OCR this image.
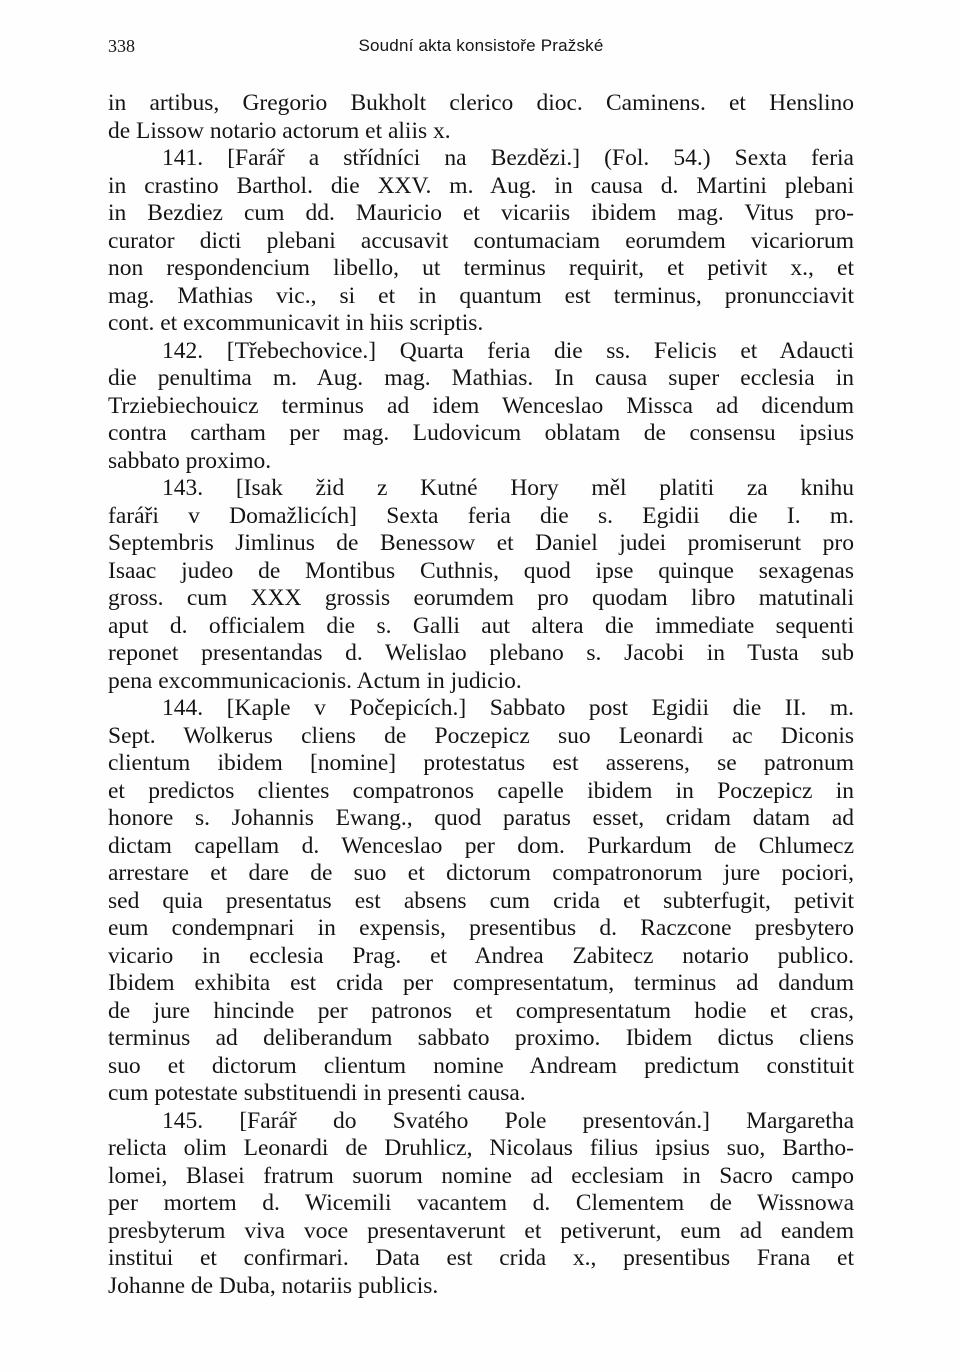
338	Soudní akta konsistoře Pražské
in artibus, Gregorio Bukholt clerico dioc. Caminens. et Henslino
de Lissow notario actorum et aliis x.
141. [Farář a střídníci na Bezdězi.] (Fol. 54.) Sexta feria
in crastino Barthol. die XXV. m. Aug. in causa d. Martini plebani
in Bezdiez cum dd. Mauricio et vicariis ibidem mag. Vitus pro-
curator dicti plebani accusavit contumaciam eorumdem vicariorum
non respondencium libello, ut terminus requirit, et petivit x., et
mag. Mathias vic., si et in quantum est terminus, pronuncciavit
cont. et excommunicavit in hiis scriptis.
142. [Třebechovice.] Quarta feria die ss. Felicis et Adaucti
die penultima m. Aug. mag. Mathias. In causa super ecclesia in
Trziebiechouicz terminus ad idem Wenceslao Missca ad dicendum
contra cartham per mag. Ludovicum oblatam de consensu ipsius
sabbato proximo.
143. [Isak žid z Kutné Hory měl platiti za knihu
faráři v Domažlicích] Sexta feria die s. Egidii die I. m.
Septembris Jimlinus de Benessow et Daniel judei promiserunt pro
Isaac judeo de Montibus Cuthnis, quod ipse quinque sexagenas
gross. cum XXX grossis eorumdem pro quodam libro matutinali
aput d. officialem die s. Galli aut altera die immediate sequenti
reponet presentandas d. Welislao plebano s. Jacobi in Tusta sub
pena excommunicacionis. Actum in judicio.
144. [Kaple v Počepicích.] Sabbato post Egidii die II. m.
Sept. Wolkerus cliens de Poczepicz suo Leonardi ac Diconis
clientum ibidem [nomine] protestatus est asserens, se patronum
et predictos clientes compatronos capelle ibidem in Poczepicz in
honore s. Johannis Ewang., quod paratus esset, cridam datam ad
dictam capellam d. Wenceslao per dom. Purkardum de Chlumecz
arrestare et dare de suo et dictorum compatronorum jure pociori,
sed quia presentatus est absens cum crida et subterfugit, petivit
eum condempnari in expensis, presentibus d. Raczcone presbytero
vicario in ecclesia Prag. et Andrea Zabitecz notario publico.
Ibidem exhibita est crida per compresentatum, terminus ad dandum
de jure hincinde per patronos et compresentatum hodie et cras,
terminus ad deliberandum sabbato proximo. Ibidem dictus cliens
suo et dictorum clientum nomine Andream predictum constituit
cum potestate substituendi in presenti causa.
145. [Farář do Svatého Pole presentován.] Margaretha
relicta olim Leonardi de Druhlicz, Nicolaus filius ipsius suo, Bartho-
lomei, Blasei fratrum suorum nomine ad ecclesiam in Sacro campo
per mortem d. Wicemili vacantem d. Clementem de Wissnowa
presbyterum viva voce presentaverunt et petiverunt, eum ad eandem
institui et confirmari. Data est crida x., presentibus Frana et
Johanne de Duba, notariis publicis.
